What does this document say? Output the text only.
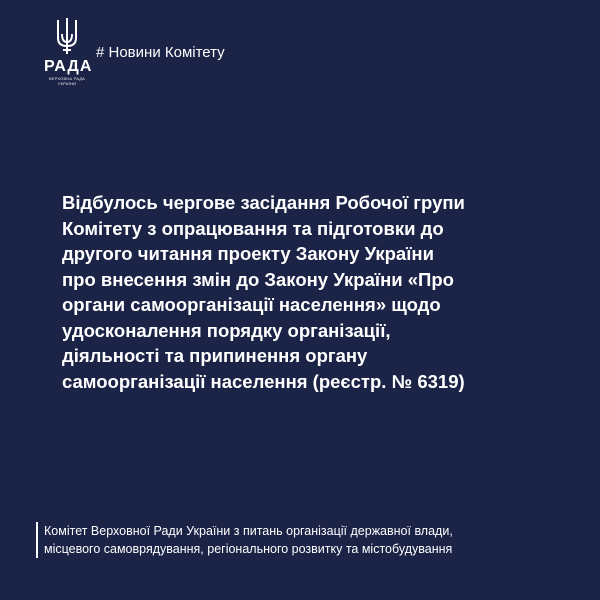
РАДА
ВЕРХОВНА РАДА
УКРАЇНИ
# Новини Комітету
Відбулось чергове засідання Робочої групи
Комітету з опрацювання та підготовки до
другого читання проекту Закону України
про внесення змін до Закону України «Про
органи самоорганізації населення» щодо
удосконалення порядку організації,
діяльності та припинення органу
самоорганізації населення (реєстр. № 6319)
Комітет Верховної Ради України з питань організації державної влади,
місцевого самоврядування, регіонального розвитку та містобудування
